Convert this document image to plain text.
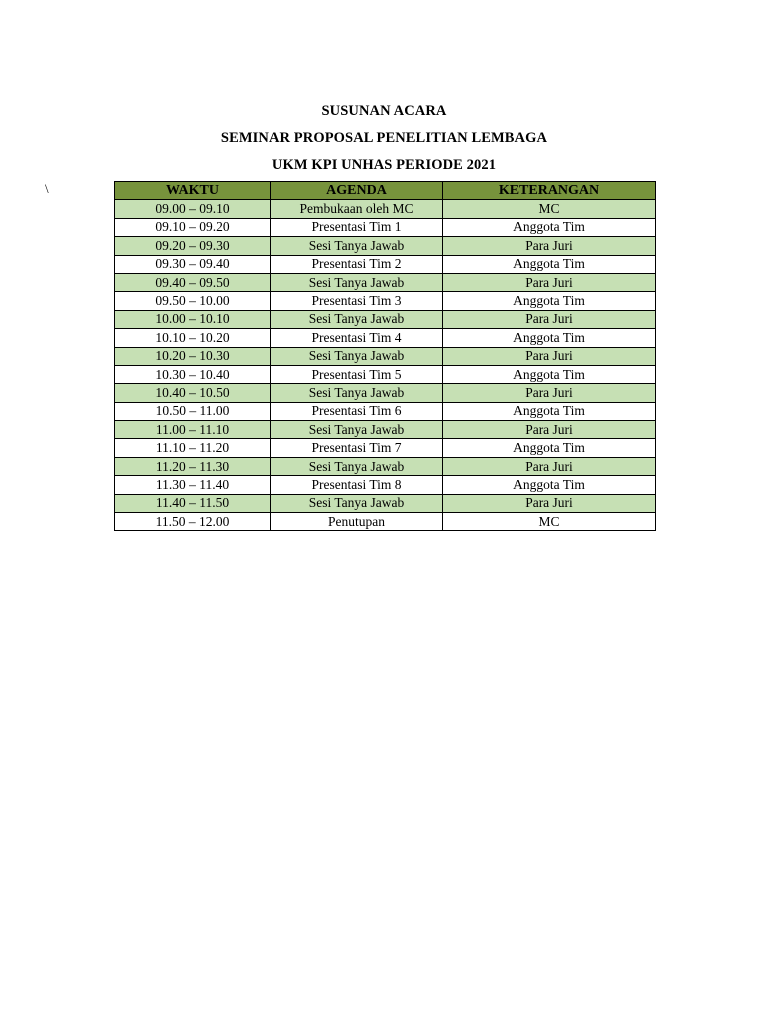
SUSUNAN ACARA
SEMINAR PROPOSAL PENELITIAN LEMBAGA
UKM KPI UNHAS PERIODE 2021
\	WAKTU	AGENDA	KETERANGAN
09.00 – 09.10	Pembukaan oleh MC	MC
09.10 – 09.20	Presentasi Tim 1	Anggota Tim
09.20 – 09.30	Sesi Tanya Jawab	Para Juri
09.30 – 09.40	Presentasi Tim 2	Anggota Tim
09.40 – 09.50	Sesi Tanya Jawab	Para Juri
09.50 – 10.00	Presentasi Tim 3	Anggota Tim
10.00 – 10.10	Sesi Tanya Jawab	Para Juri
10.10 – 10.20	Presentasi Tim 4	Anggota Tim
10.20 – 10.30	Sesi Tanya Jawab	Para Juri
10.30 – 10.40	Presentasi Tim 5	Anggota Tim
10.40 – 10.50	Sesi Tanya Jawab	Para Juri
10.50 – 11.00	Presentasi Tim 6	Anggota Tim
11.00 – 11.10	Sesi Tanya Jawab	Para Juri
11.10 – 11.20	Presentasi Tim 7	Anggota Tim
11.20 – 11.30	Sesi Tanya Jawab	Para Juri
11.30 – 11.40	Presentasi Tim 8	Anggota Tim
11.40 – 11.50	Sesi Tanya Jawab	Para Juri
11.50 – 12.00	Penutupan	MC
